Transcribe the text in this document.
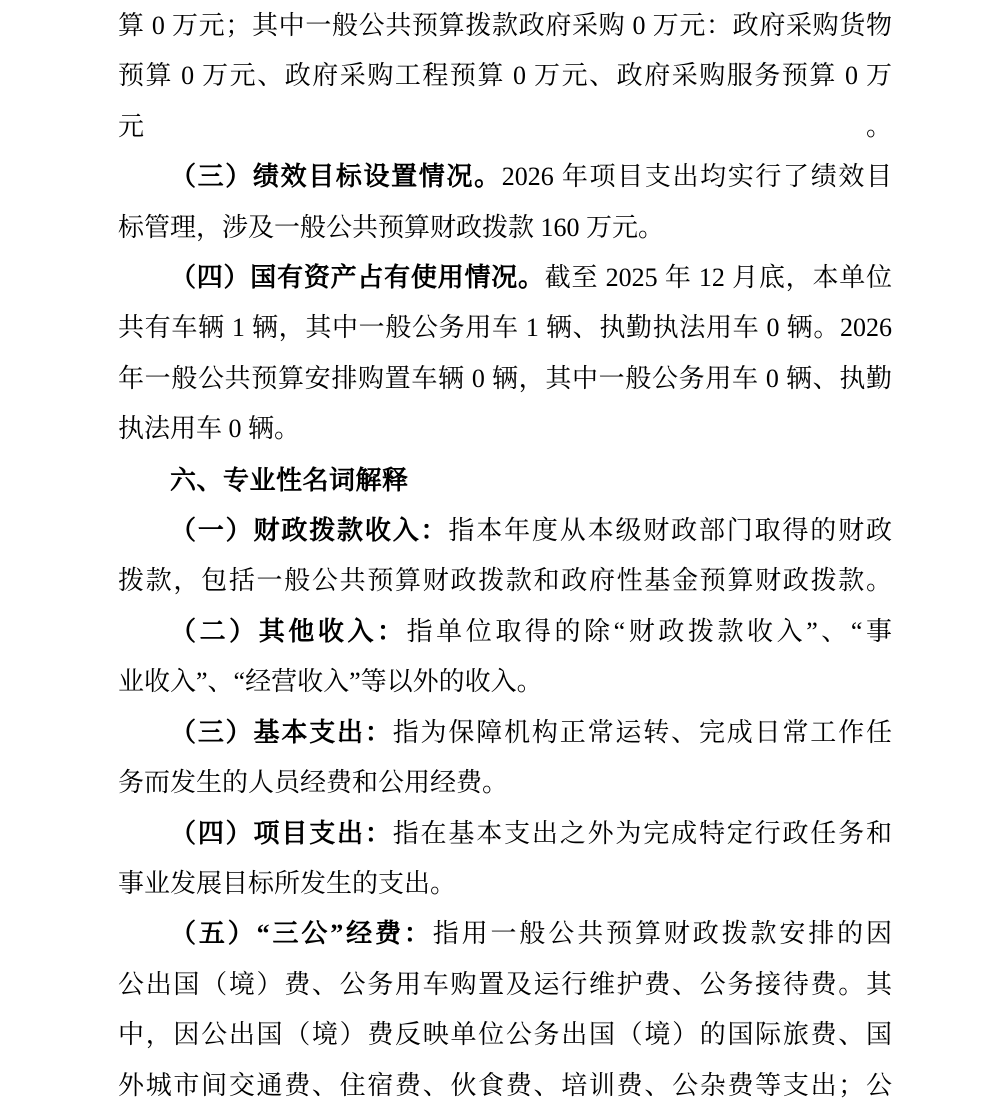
算 0 万元；其中一般公共预算拨款政府采购 0 万元：政府采购货物
预算 0 万元、政府采购工程预算 0 万元、政府采购服务预算 0 万元。
（三）绩效目标设置情况。2026 年项目支出均实行了绩效目
标管理，涉及一般公共预算财政拨款 160 万元。
（四）国有资产占有使用情况。截至 2025 年 12 月底，本单位
共有车辆 1 辆，其中一般公务用车 1 辆、执勤执法用车 0 辆。2026
年一般公共预算安排购置车辆 0 辆，其中一般公务用车 0 辆、执勤
执法用车 0 辆。
六、专业性名词解释
（一）财政拨款收入：指本年度从本级财政部门取得的财政
拨款，包括一般公共预算财政拨款和政府性基金预算财政拨款。
（二）其他收入：指单位取得的除“财政拨款收入”、“事
业收入”、“经营收入”等以外的收入。
（三）基本支出：指为保障机构正常运转、完成日常工作任
务而发生的人员经费和公用经费。
（四）项目支出：指在基本支出之外为完成特定行政任务和
事业发展目标所发生的支出。
（五）“三公”经费：指用一般公共预算财政拨款安排的因
公出国（境）费、公务用车购置及运行维护费、公务接待费。其
中，因公出国（境）费反映单位公务出国（境）的国际旅费、国
外城市间交通费、住宿费、伙食费、培训费、公杂费等支出；公
